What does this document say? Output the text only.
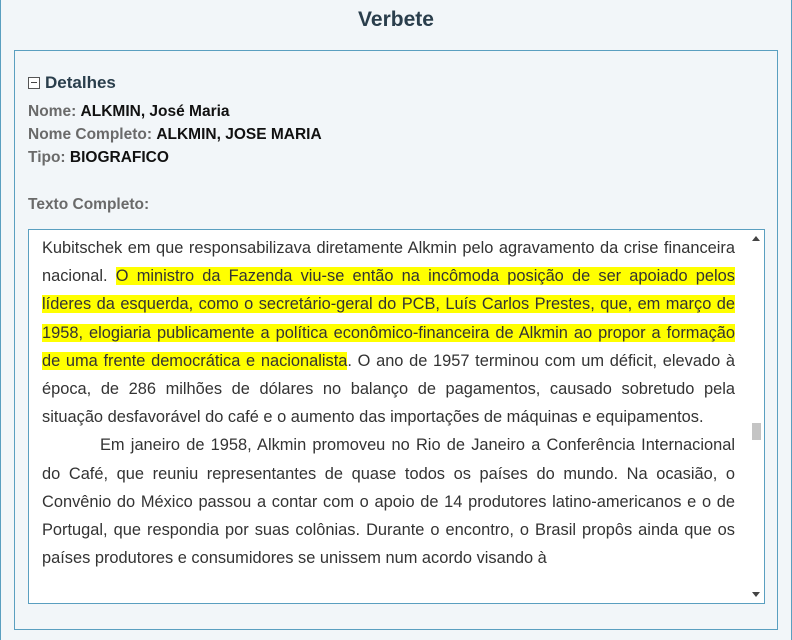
Verbete
Detalhes
Nome: ALKMIN, José Maria
Nome Completo: ALKMIN, JOSE MARIA
Tipo: BIOGRAFICO
Texto Completo:

Kubitschek em que responsabilizava diretamente Alkmin pelo agravamento da crise financeira nacional. O ministro da Fazenda viu-se então na incômoda posição de ser apoiado pelos líderes da esquerda, como o secretário-geral do PCB, Luís Carlos Prestes, que, em março de 1958, elogiaria publicamente a política econômico-financeira de Alkmin ao propor a formação de uma frente democrática e nacionalista. O ano de 1957 terminou com um déficit, elevado à época, de 286 milhões de dólares no balanço de pagamentos, causado sobretudo pela situação desfavorável do café e o aumento das importações de máquinas e equipamentos.

Em janeiro de 1958, Alkmin promoveu no Rio de Janeiro a Conferência Internacional do Café, que reuniu representantes de quase todos os países do mundo. Na ocasião, o Convênio do México passou a contar com o apoio de 14 produtores latino-americanos e o de Portugal, que respondia por suas colônias. Durante o encontro, o Brasil propôs ainda que os países produtores e consumidores se unissem num acordo visando à
